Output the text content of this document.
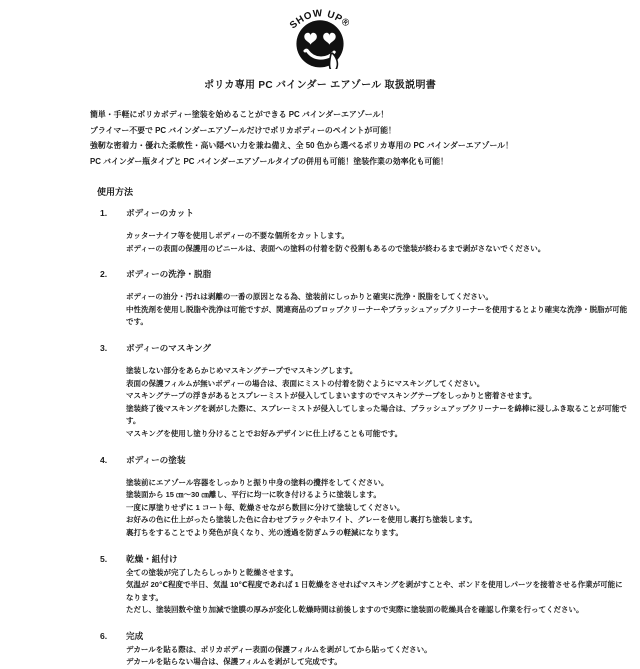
SHOW UP®
ポリカ専用 PC バインダー エアゾール 取扱説明書
簡単・手軽にポリカボディー塗装を始めることができる PC バインダーエアゾール！
プライマー不要で PC バインダーエアゾールだけでポリカボディーのペイントが可能！
強靭な密着力・優れた柔軟性・高い隠ぺい力を兼ね備え、全 50 色から選べるポリカ専用の PC バインダーエアゾール！
PC バインダー瓶タイプと PC バインダーエアゾールタイプの併用も可能！塗装作業の効率化も可能！
使用方法
1.	ボディーのカット
カッターナイフ等を使用しボディーの不要な個所をカットします。
ボディーの表面の保護用のビニールは、表面への塗料の付着を防ぐ役割もあるので塗装が終わるまで剥がさないでください。
2.	ボディーの洗浄・脱脂
ボディーの油分・汚れは剥離の一番の原因となる為、塗装前にしっかりと確実に洗浄・脱脂をしてください。
中性洗剤を使用し脱脂や洗浄は可能ですが、関連商品のプロップクリーナーやブラッシュアップクリーナーを使用するとより確実な洗浄・脱脂が可能です。
3.	ボディーのマスキング
塗装しない部分をあらかじめマスキングテープでマスキングします。
表面の保護フィルムが無いボディーの場合は、表面にミストの付着を防ぐようにマスキングしてください。
マスキングテープの浮きがあるとスプレーミストが侵入してしまいますのでマスキングテープをしっかりと密着させます。
塗装終了後マスキングを剥がした際に、スプレーミストが侵入してしまった場合は、ブラッシュアップクリーナーを綿棒に浸しふき取ることが可能です。
マスキングを使用し塗り分けることでお好みデザインに仕上げることも可能です。
4.	ボディーの塗装
塗装前にエアゾール容器をしっかりと振り中身の塗料の攪拌をしてください。
塗装面から 15 ㎝～30 ㎝離し、平行に均一に吹き付けるように塗装します。
一度に厚塗りせずに 1 コート毎、乾燥させながら数回に分けて塗装してください。
お好みの色に仕上がったら塗装した色に合わせブラックやホワイト、グレーを使用し裏打ち塗装します。
裏打ちをすることでより発色が良くなり、光の透過を防ぎムラの軽減になります。
5.	乾燥・組付け
全ての塗装が完了したらしっかりと乾燥させます。
気温が 20℃程度で半日、気温 10℃程度であれば 1 日乾燥をさせればマスキングを剥がすことや、ボンドを使用しパーツを接着させる作業が可能になります。
ただし、塗装回数や塗り加減で塗膜の厚みが変化し乾燥時間は前後しますので実際に塗装面の乾燥具合を確認し作業を行ってください。
6.	完成
デカールを貼る際は、ポリカボディー表面の保護フィルムを剥がしてから貼ってください。
デカールを貼らない場合は、保護フィルムを剥がして完成です。
